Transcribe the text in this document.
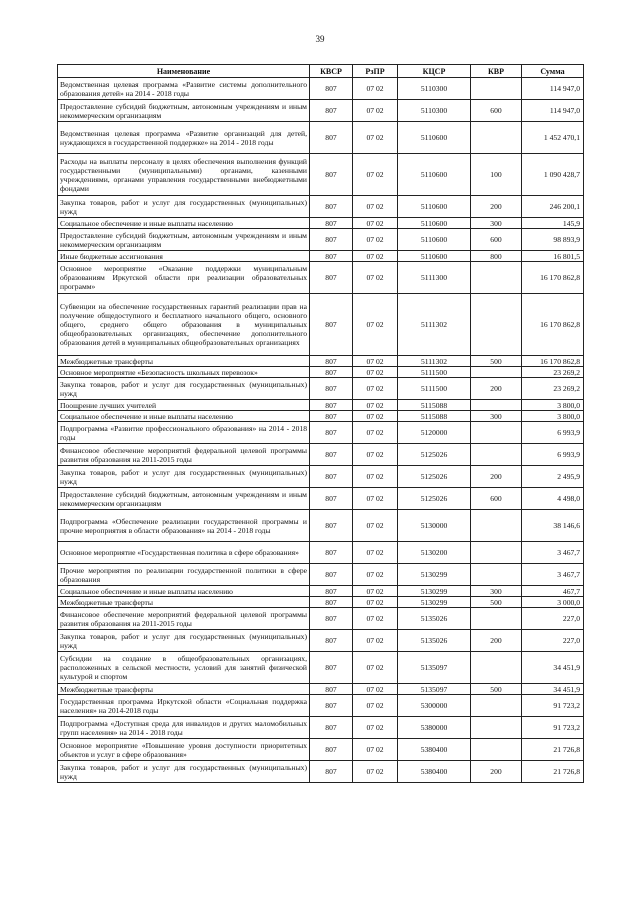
39
Наименование	КВСР	РзПР	КЦСР	КВР	Сумма
Ведомственная целевая программа «Развитие системы дополнительного образования детей» на 2014 - 2018 годы	807	07 02	5110300		114 947,0
Предоставление субсидий бюджетным, автономным учреждениям и иным некоммерческим организациям	807	07 02	5110300	600	114 947,0
Ведомственная целевая программа «Развитие организаций для детей, нуждающихся в государственной поддержке» на 2014 - 2018 годы	807	07 02	5110600		1 452 470,1
Расходы на выплаты персоналу в целях обеспечения выполнения функций государственными (муниципальными) органами, казенными учреждениями, органами управления государственными внебюджетными фондами	807	07 02	5110600	100	1 090 428,7
Закупка товаров, работ и услуг для государственных (муниципальных) нужд	807	07 02	5110600	200	246 200,1
Социальное обеспечение и иные выплаты населению	807	07 02	5110600	300	145,9
Предоставление субсидий бюджетным, автономным учреждениям и иным некоммерческим организациям	807	07 02	5110600	600	98 893,9
Иные бюджетные ассигнования	807	07 02	5110600	800	16 801,5
Основное мероприятие «Оказание поддержки муниципальным образованиям Иркутской области при реализации образовательных программ»	807	07 02	5111300		16 170 862,8
Субвенции на обеспечение государственных гарантий реализации прав на получение общедоступного и бесплатного начального общего, основного общего, среднего общего образования в муниципальных общеобразовательных организациях, обеспечение дополнительного образования детей в муниципальных общеобразовательных организациях	807	07 02	5111302		16 170 862,8
Межбюджетные трансферты	807	07 02	5111302	500	16 170 862,8
Основное мероприятие «Безопасность школьных перевозок»	807	07 02	5111500		23 269,2
Закупка товаров, работ и услуг для государственных (муниципальных) нужд	807	07 02	5111500	200	23 269,2
Поощрение лучших учителей	807	07 02	5115088		3 800,0
Социальное обеспечение и иные выплаты населению	807	07 02	5115088	300	3 800,0
Подпрограмма «Развитие профессионального образования» на 2014 - 2018 годы	807	07 02	5120000		6 993,9
Финансовое обеспечение мероприятий федеральной целевой программы развития образования на 2011-2015 годы	807	07 02	5125026		6 993,9
Закупка товаров, работ и услуг для государственных (муниципальных) нужд	807	07 02	5125026	200	2 495,9
Предоставление субсидий бюджетным, автономным учреждениям и иным некоммерческим организациям	807	07 02	5125026	600	4 498,0
Подпрограмма «Обеспечение реализации государственной программы и прочие мероприятия в области образования» на 2014 - 2018 годы	807	07 02	5130000		38 146,6
Основное мероприятие «Государственная политика в сфере образования»	807	07 02	5130200		3 467,7
Прочие мероприятия по реализации государственной политики в сфере образования	807	07 02	5130299		3 467,7
Социальное обеспечение и иные выплаты населению	807	07 02	5130299	300	467,7
Межбюджетные трансферты	807	07 02	5130299	500	3 000,0
Финансовое обеспечение мероприятий федеральной целевой программы развития образования на 2011-2015 годы	807	07 02	5135026		227,0
Закупка товаров, работ и услуг для государственных (муниципальных) нужд	807	07 02	5135026	200	227,0
Субсидии на создание в общеобразовательных организациях, расположенных в сельской местности, условий для занятий физической культурой и спортом	807	07 02	5135097		34 451,9
Межбюджетные трансферты	807	07 02	5135097	500	34 451,9
Государственная программа Иркутской области «Социальная поддержка населения» на 2014-2018 годы	807	07 02	5300000		91 723,2
Подпрограмма «Доступная среда для инвалидов и других маломобильных групп населения» на 2014 - 2018 годы	807	07 02	5380000		91 723,2
Основное мероприятие «Повышение уровня доступности приоритетных объектов и услуг в сфере образования»	807	07 02	5380400		21 726,8
Закупка товаров, работ и услуг для государственных (муниципальных) нужд	807	07 02	5380400	200	21 726,8
